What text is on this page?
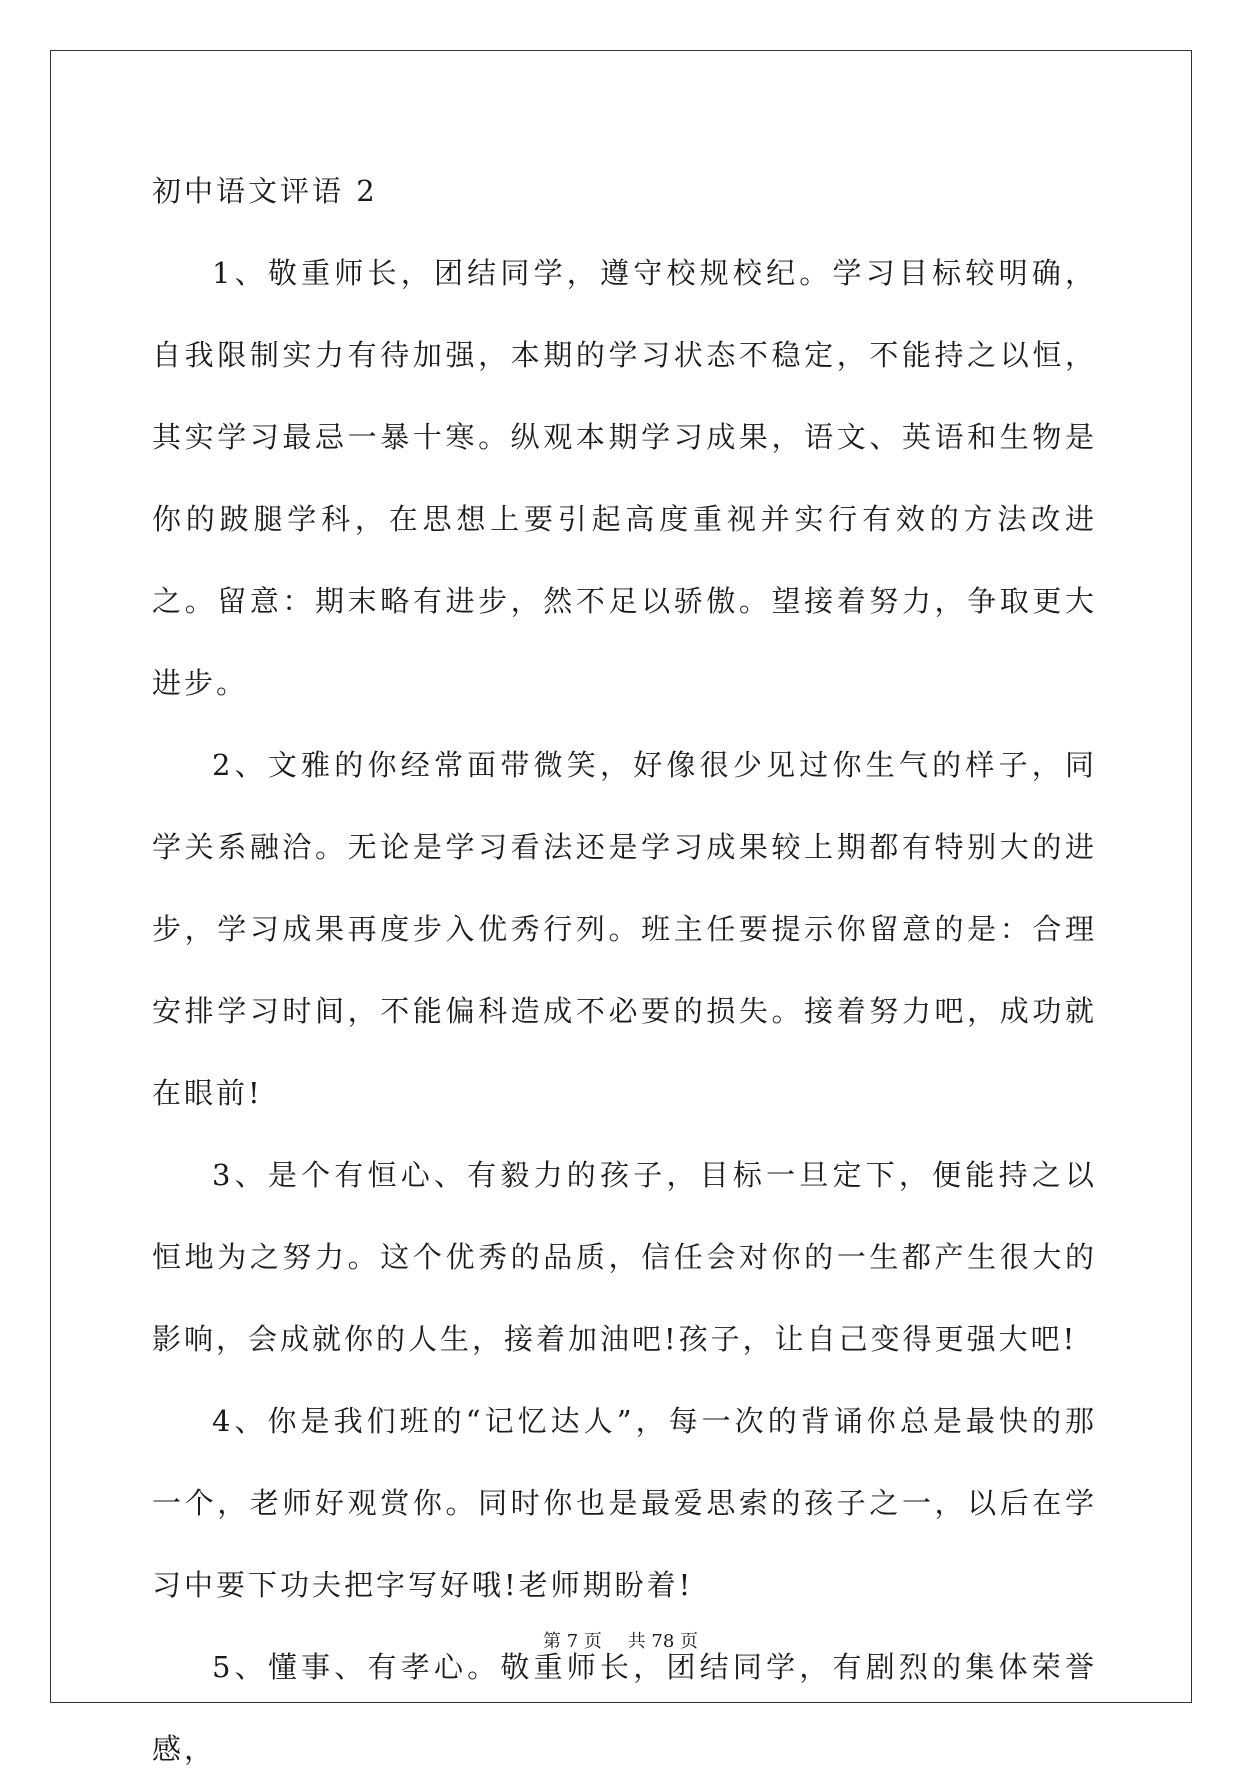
初中语文评语 2

1、敬重师长，团结同学，遵守校规校纪。学习目标较明确，自我限制实力有待加强，本期的学习状态不稳定，不能持之以恒，其实学习最忌一暴十寒。纵观本期学习成果，语文、英语和生物是你的跛腿学科，在思想上要引起高度重视并实行有效的方法改进之。留意：期末略有进步，然不足以骄傲。望接着努力，争取更大进步。

2、文雅的你经常面带微笑，好像很少见过你生气的样子，同学关系融洽。无论是学习看法还是学习成果较上期都有特别大的进步，学习成果再度步入优秀行列。班主任要提示你留意的是：合理安排学习时间，不能偏科造成不必要的损失。接着努力吧，成功就在眼前!

3、是个有恒心、有毅力的孩子，目标一旦定下，便能持之以恒地为之努力。这个优秀的品质，信任会对你的一生都产生很大的影响，会成就你的人生，接着加油吧!孩子，让自己变得更强大吧!

4、你是我们班的“记忆达人”，每一次的背诵你总是最快的那一个，老师好观赏你。同时你也是最爱思索的孩子之一，以后在学习中要下功夫把字写好哦!老师期盼着!

5、懂事、有孝心。敬重师长，团结同学，有剧烈的集体荣誉感，

第 7 页 共 78 页
